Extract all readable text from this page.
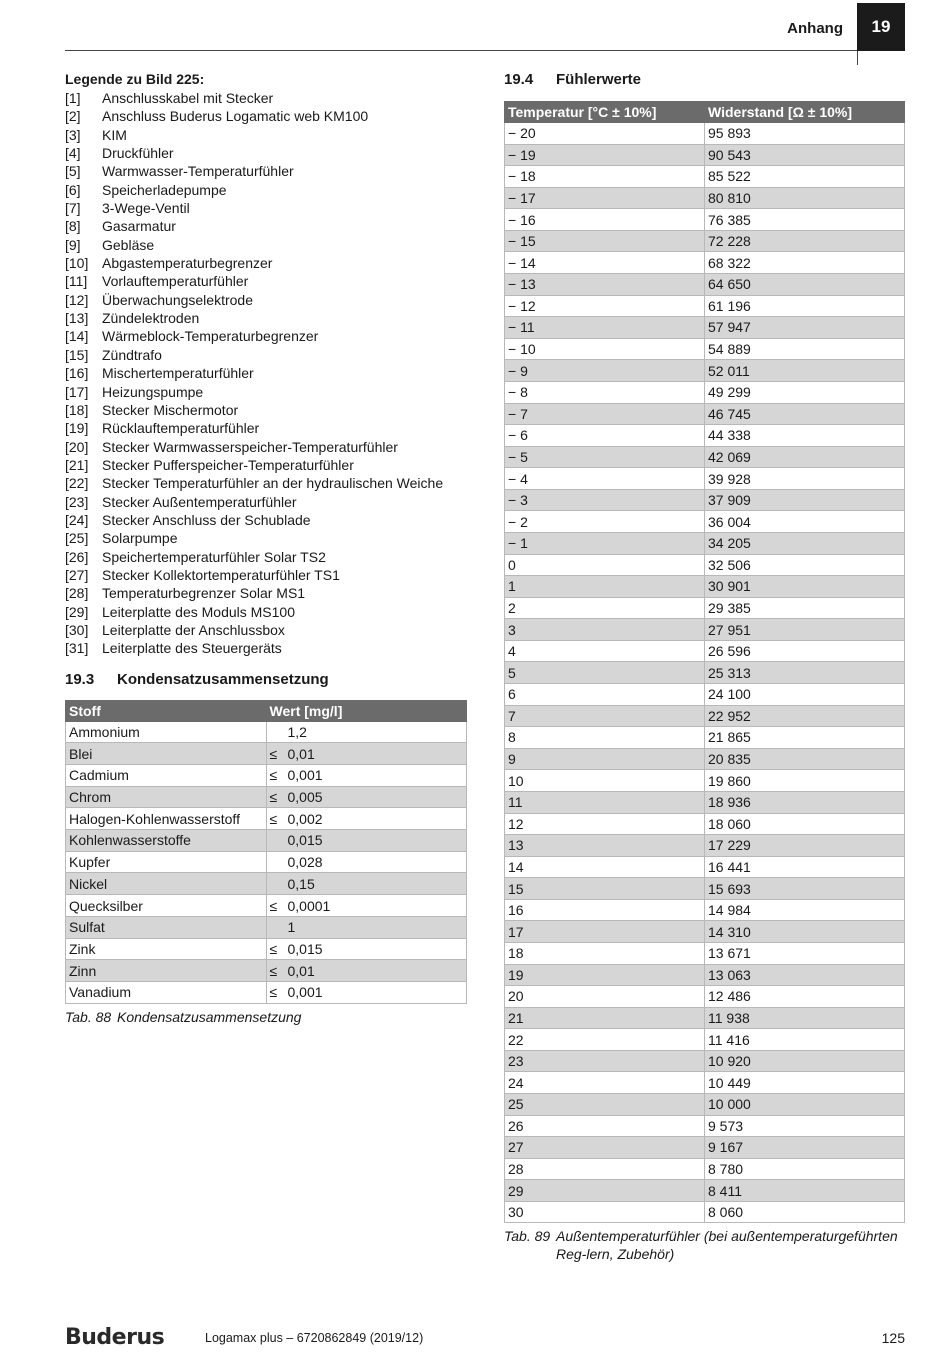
Anhang	19
Legende zu Bild 225:
[1]	Anschlusskabel mit Stecker
[2]	Anschluss Buderus Logamatic web KM100
[3]	KIM
[4]	Druckfühler
[5]	Warmwasser-Temperaturfühler
[6]	Speicherladepumpe
[7]	3-Wege-Ventil
[8]	Gasarmatur
[9]	Gebläse
[10] Abgastemperaturbegrenzer
[11]	Vorlauftemperaturfühler
[12] Überwachungselektrode
[13] Zündelektroden
[14] Wärmeblock-Temperaturbegrenzer
[15] Zündtrafo
[16] Mischertemperaturfühler
[17] Heizungspumpe
[18] Stecker Mischermotor
[19] Rücklauftemperaturfühler
[20] Stecker Warmwasserspeicher-Temperaturfühler
[21] Stecker Pufferspeicher-Temperaturfühler
[22] Stecker Temperaturfühler an der hydraulischen Weiche
[23] Stecker Außentemperaturfühler
[24] Stecker Anschluss der Schublade
[25] Solarpumpe
[26] Speichertemperaturfühler Solar TS2
[27] Stecker Kollektortemperaturfühler TS1
[28] Temperaturbegrenzer Solar MS1
[29] Leiterplatte des Moduls MS100
[30] Leiterplatte der Anschlussbox
[31] Leiterplatte des Steuergeräts
19.3	Kondensatzusammensetzung
Stoff	Wert [mg/l]
Ammonium	1,2
Blei	≤ 0,01
Cadmium	≤ 0,001
Chrom	≤ 0,005
Halogen-Kohlenwasserstoff	≤ 0,002
Kohlenwasserstoffe	0,015
Kupfer	0,028
Nickel	0,15
Quecksilber	≤ 0,0001
Sulfat	1
Zink	≤ 0,015
Zinn	≤ 0,01
Vanadium	≤ 0,001
Tab. 88 Kondensatzusammensetzung
19.4	Fühlerwerte
Temperatur [°C ± 10%]	Widerstand [Ω ± 10%]
− 20	95 893
− 19	90 543
− 18	85 522
− 17	80 810
− 16	76 385
− 15	72 228
− 14	68 322
− 13	64 650
− 12	61 196
− 11	57 947
− 10	54 889
− 9	52 011
− 8	49 299
− 7	46 745
− 6	44 338
− 5	42 069
− 4	39 928
− 3	37 909
− 2	36 004
− 1	34 205
0	32 506
1	30 901
2	29 385
3	27 951
4	26 596
5	25 313
6	24 100
7	22 952
8	21 865
9	20 835
10	19 860
11	18 936
12	18 060
13	17 229
14	16 441
15	15 693
16	14 984
17	14 310
18	13 671
19	13 063
20	12 486
21	11 938
22	11 416
23	10 920
24	10 449
25	10 000
26	9 573
27	9 167
28	8 780
29	8 411
30	8 060
Tab. 89 Außentemperaturfühler (bei außentemperaturgeführten Reg-lern, Zubehör)
Buderus	Logamax plus – 6720862849 (2019/12)	125
